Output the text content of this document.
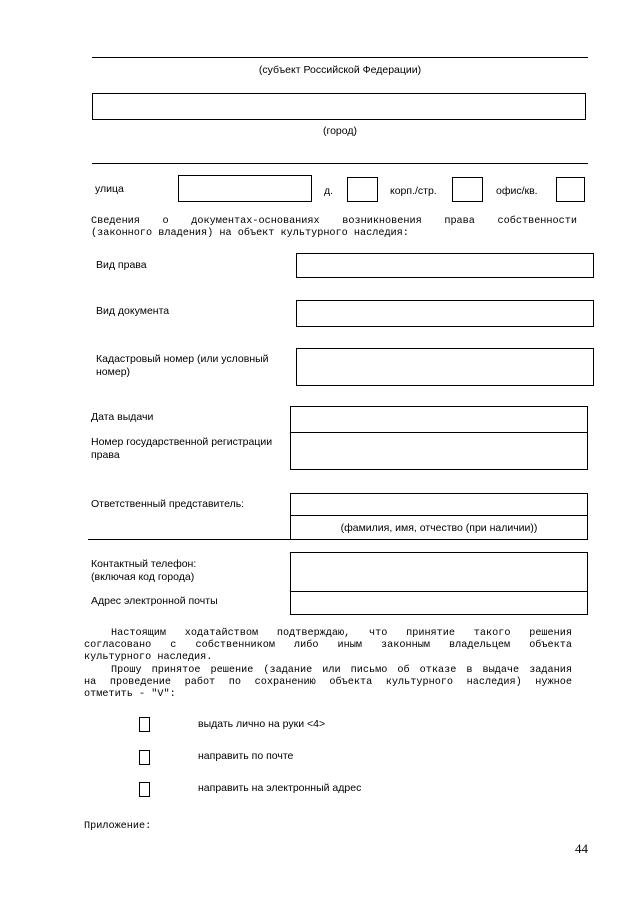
(субъект Российской Федерации)
(город)
улица	д.	корп./стр.	офис/кв.
Сведения о документах-основаниях возникновения права собственности
(законного владения) на объект культурного наследия:
Вид права
Вид документа
Кадастровый номер (или условный номер)
Дата выдачи
Номер государственной регистрации права
Ответственный представитель:
(фамилия, имя, отчество (при наличии))
Контактный телефон: (включая код города)
Адрес электронной почты
Настоящим ходатайством подтверждаю, что принятие такого решения
согласовано с собственником либо иным законным владельцем объекта
культурного наследия.
Прошу принятое решение (задание или письмо об отказе в выдаче задания
на проведение работ по сохранению объекта культурного наследия) нужное
отметить - "V":
выдать лично на руки <4>
направить по почте
направить на электронный адрес
Приложение:
44
